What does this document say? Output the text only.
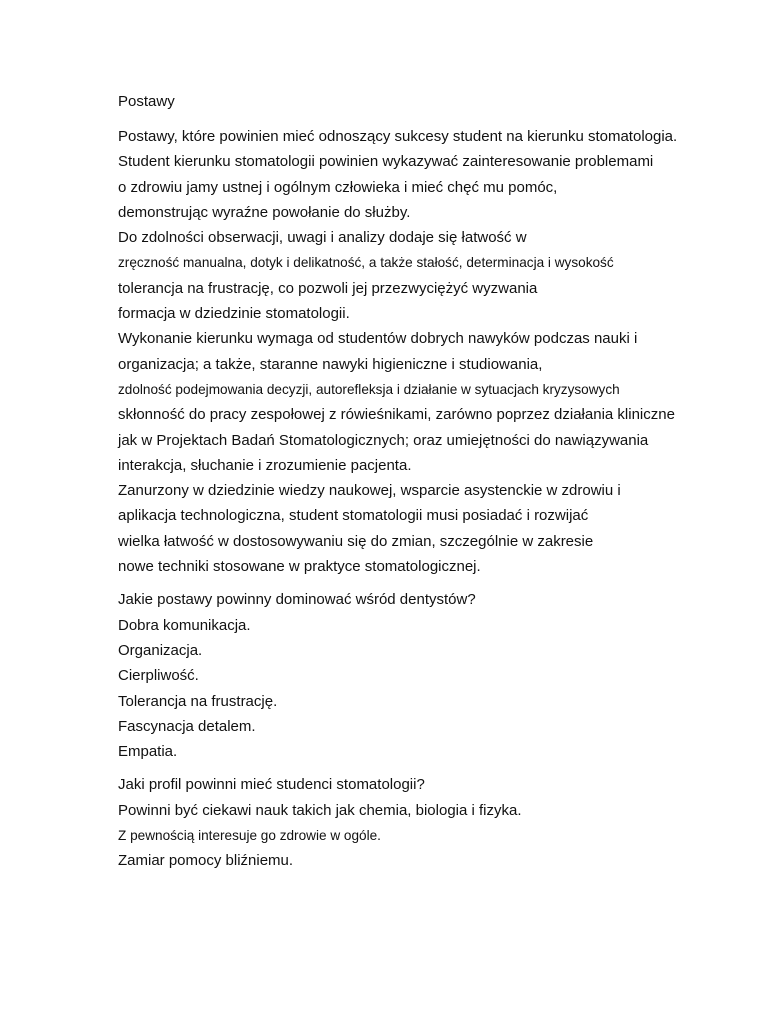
Postawy
Postawy, które powinien mieć odnoszący sukcesy student na kierunku stomatologia.
Student kierunku stomatologii powinien wykazywać zainteresowanie problemami
o zdrowiu jamy ustnej i ogólnym człowieka i mieć chęć mu pomóc,
demonstrując wyraźne powołanie do służby.
Do zdolności obserwacji, uwagi i analizy dodaje się łatwość w
zręczność manualna, dotyk i delikatność, a także stałość, determinacja i wysokość
tolerancja na frustrację, co pozwoli jej przezwyciężyć wyzwania
formacja w dziedzinie stomatologii.
Wykonanie kierunku wymaga od studentów dobrych nawyków podczas nauki i
organizacja; a także, staranne nawyki higieniczne i studiowania,
zdolność podejmowania decyzji, autorefleksja i działanie w sytuacjach kryzysowych
skłonność do pracy zespołowej z rówieśnikami, zarówno poprzez działania kliniczne
jak w Projektach Badań Stomatologicznych; oraz umiejętności do nawiązywania
interakcja, słuchanie i zrozumienie pacjenta.
Zanurzony w dziedzinie wiedzy naukowej, wsparcie asystenckie w zdrowiu i
aplikacja technologiczna, student stomatologii musi posiadać i rozwijać
wielka łatwość w dostosowywaniu się do zmian, szczególnie w zakresie
nowe techniki stosowane w praktyce stomatologicznej.
Jakie postawy powinny dominować wśród dentystów?
Dobra komunikacja.
Organizacja.
Cierpliwość.
Tolerancja na frustrację.
Fascynacja detalem.
Empatia.
Jaki profil powinni mieć studenci stomatologii?
Powinni być ciekawi nauk takich jak chemia, biologia i fizyka.
Z pewnością interesuje go zdrowie w ogóle.
Zamiar pomocy bliźniemu.
